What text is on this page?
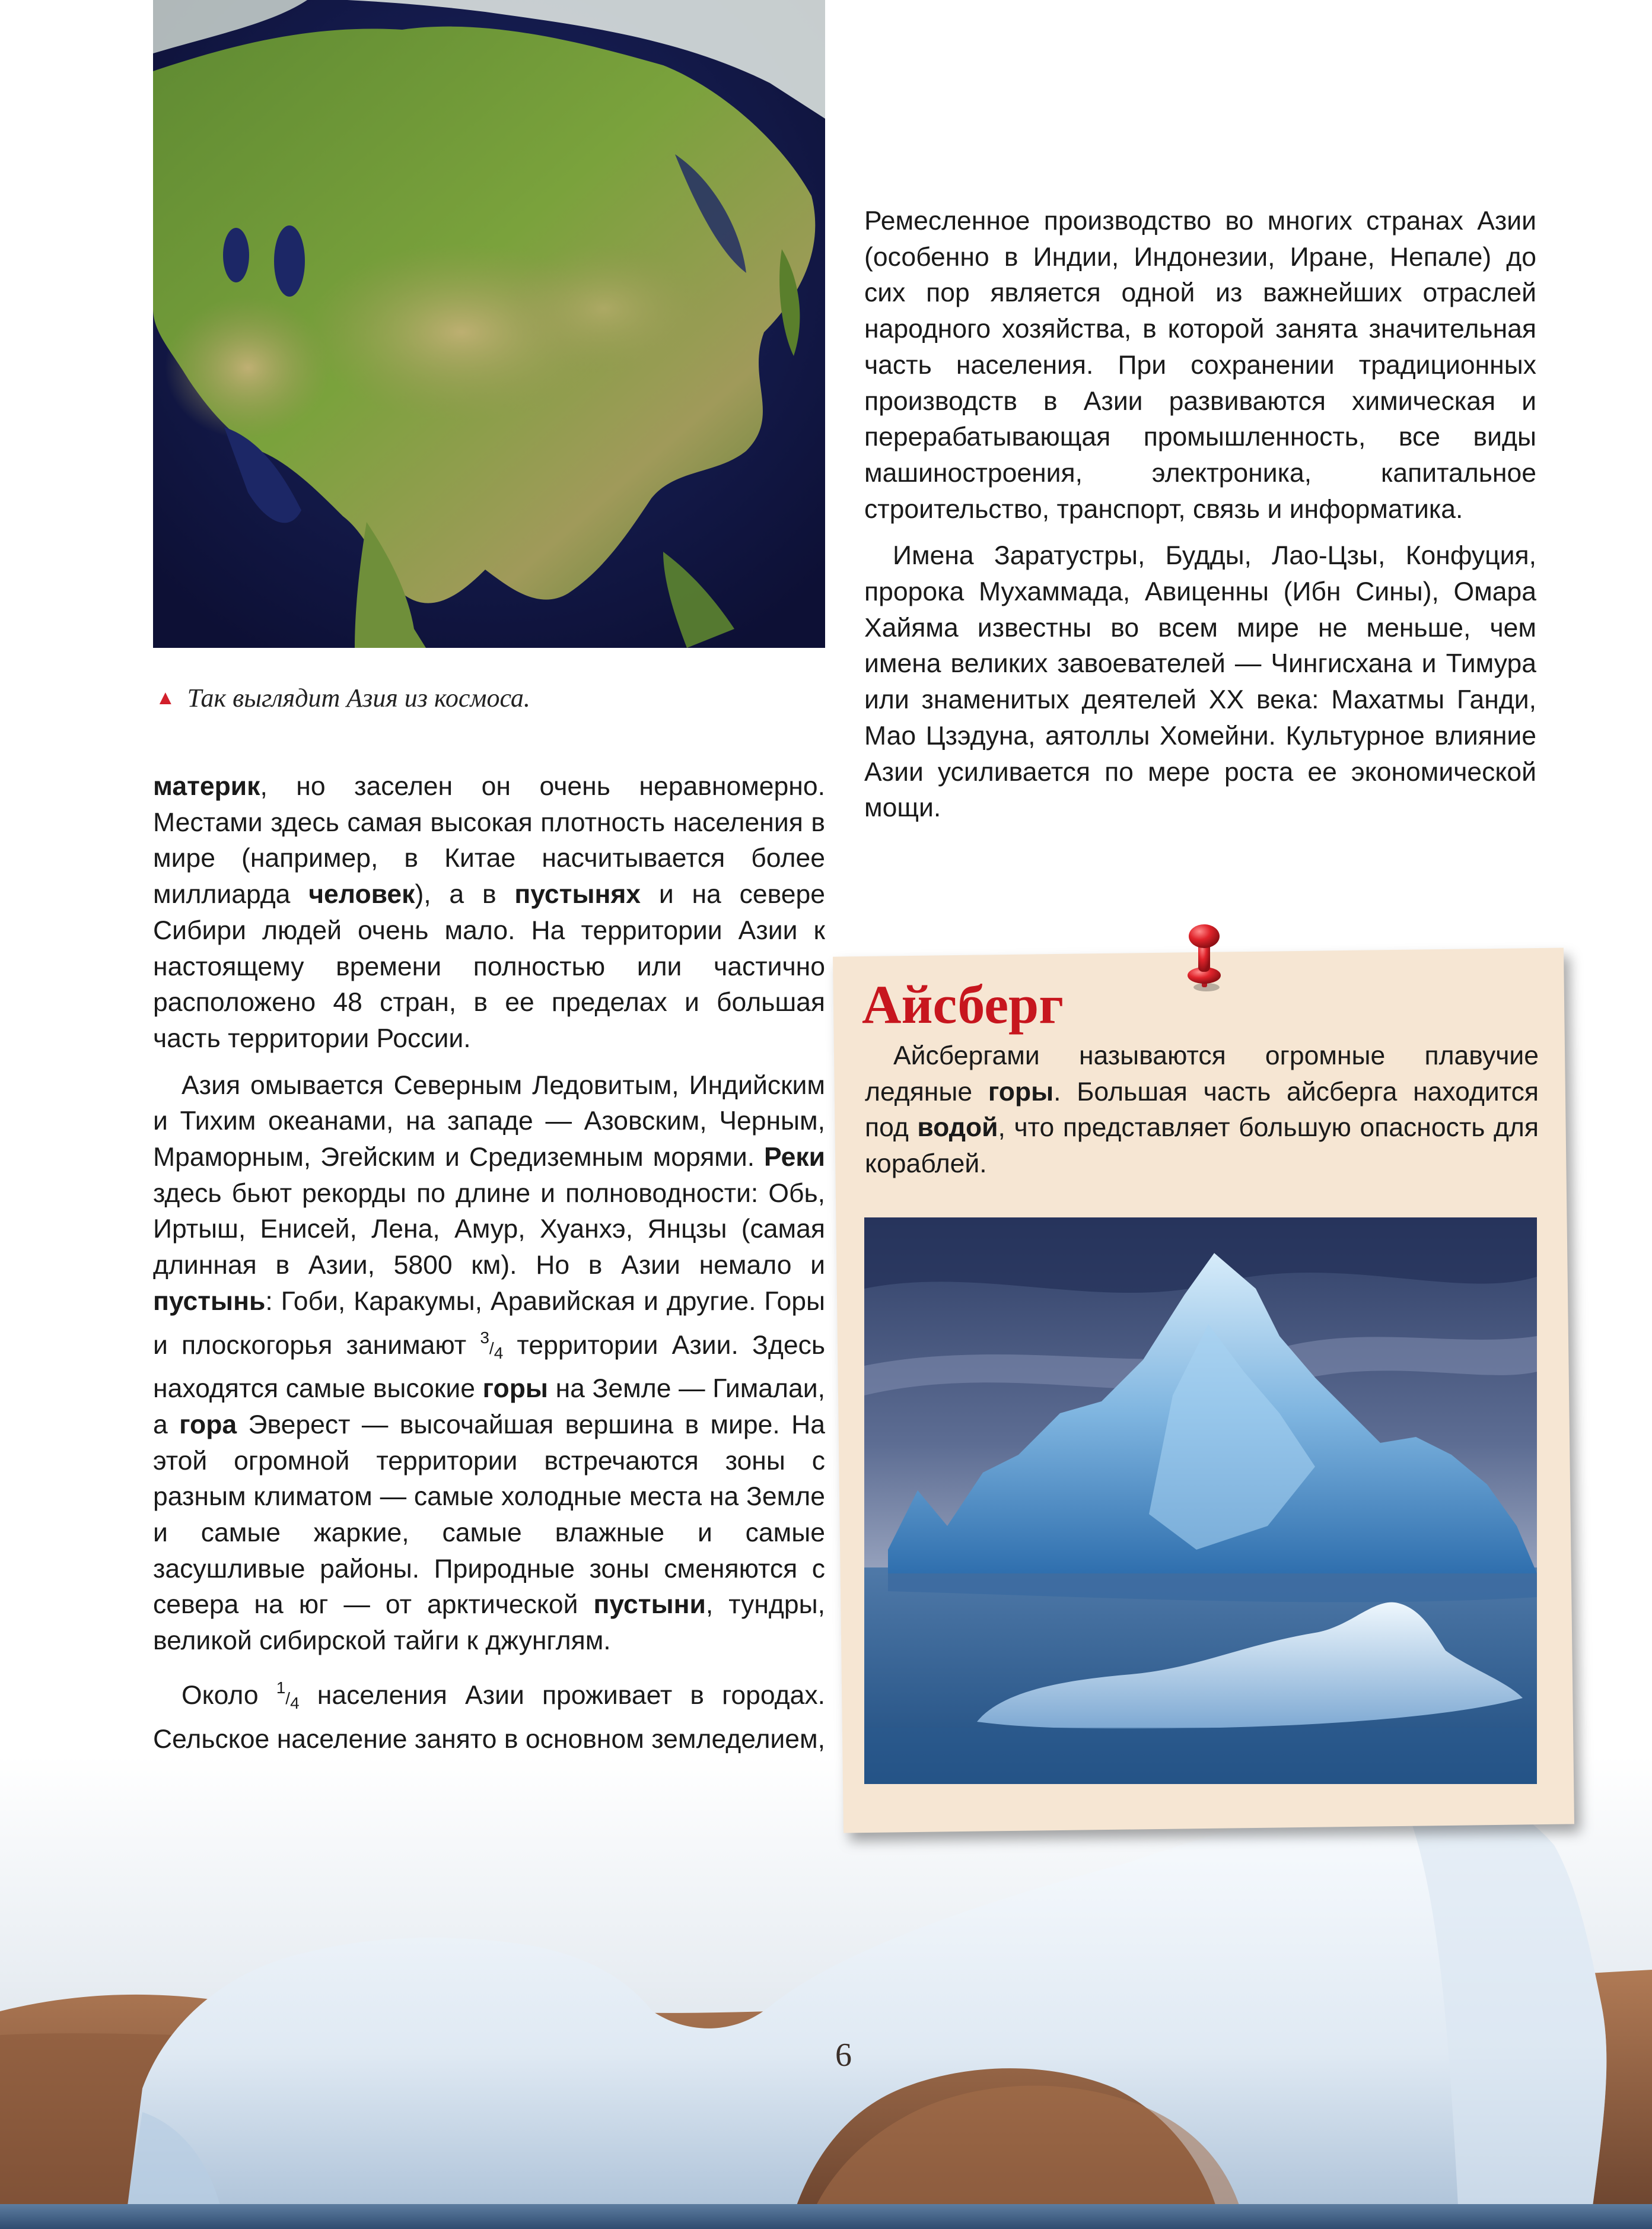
▲ Так выглядит Азия из космоса.

материк, но заселен он очень неравномерно. Местами здесь самая высокая плотность населения в мире (например, в Китае насчитывается более миллиарда человек), а в пустынях и на севере Сибири людей очень мало. На территории Азии к настоящему времени полностью или частично расположено 48 стран, в ее пределах и большая часть территории России.

Азия омывается Северным Ледовитым, Индийским и Тихим океанами, на западе — Азовским, Черным, Мраморным, Эгейским и Средиземным морями. Реки здесь бьют рекорды по длине и полноводности: Обь, Иртыш, Енисей, Лена, Амур, Хуанхэ, Янцзы (самая длинная в Азии, 5800 км). Но в Азии немало и пустынь: Гоби, Каракумы, Аравийская и другие. Горы и плоскогорья занимают $^3/_4$ территории Азии. Здесь находятся самые высокие горы на Земле — Гималаи, а гора Эверест — высочайшая вершина в мире. На этой огромной территории встречаются зоны с разным климатом — самые холодные места на Земле и самые жаркие, самые влажные и самые засушливые районы. Природные зоны сменяются с севера на юг — от арктической пустыни, тундры, великой сибирской тайги к джунглям.

Около $^1/_4$ населения Азии проживает в городах. Сельское население занято в основном земледелием,

Ремесленное производство во многих странах Азии (особенно в Индии, Индонезии, Иране, Непале) до сих пор является одной из важнейших отраслей народного хозяйства, в которой занята значительная часть населения. При сохранении традиционных производств в Азии развиваются химическая и перерабатывающая промышленность, все виды машиностроения, электроника, капитальное строительство, транспорт, связь и информатика.

Имена Заратустры, Будды, Лао-Цзы, Конфуция, пророка Мухаммада, Авиценны (Ибн Сины), Омара Хайяма известны во всем мире не меньше, чем имена великих завоевателей — Чингисхана и Тимура или знаменитых деятелей XX века: Махатмы Ганди, Мао Цзэдуна, аятоллы Хомейни. Культурное влияние Азии усиливается по мере роста ее экономической мощи.

6
Айсберг

Айсбергами называются огромные плавучие ледяные горы. Большая часть айсберга находится под водой, что представляет большую опасность для кораблей.
